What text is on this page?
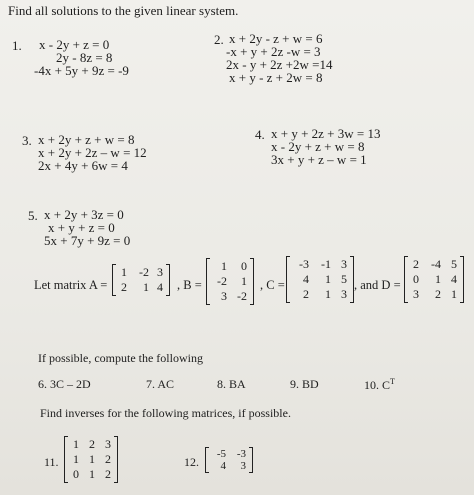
Find all solutions to the given linear system.
1. x - 2y + z = 0
2y - 8z = 8
-4x + 5y + 9z = -9
2. x + 2y - z + w = 6
-x + y + 2z -w = 3
2x - y + 2z +2w =14
x + y - z + 2w = 8
3. x + 2y + z + w = 8
x + 2y + 2z – w = 12
2x + 4y + 6w = 4
4. x + y + 2z + 3w = 13
x - 2y + z + w = 8
3x + y + z – w = 1
5. x + 2y + 3z = 0
x + y + z = 0
5x + 7y + 9z = 0
Let matrix A =
1	-2 3
2	1 4 , B =
1	0
-2	1
3 -2
, C =
-3	-1 3
4	1 5
2	1 3
, and D =
2	-4 5
0	1 4
3	2 1
If possible, compute the following
6. 3C – 2D	7. AC	8. BA	9. BD	10. $C^T$
Find inverses for the following matrices, if possible.
11.
1 2 3
1 1 2
0 1 2
12.
-5 -3
4	3
